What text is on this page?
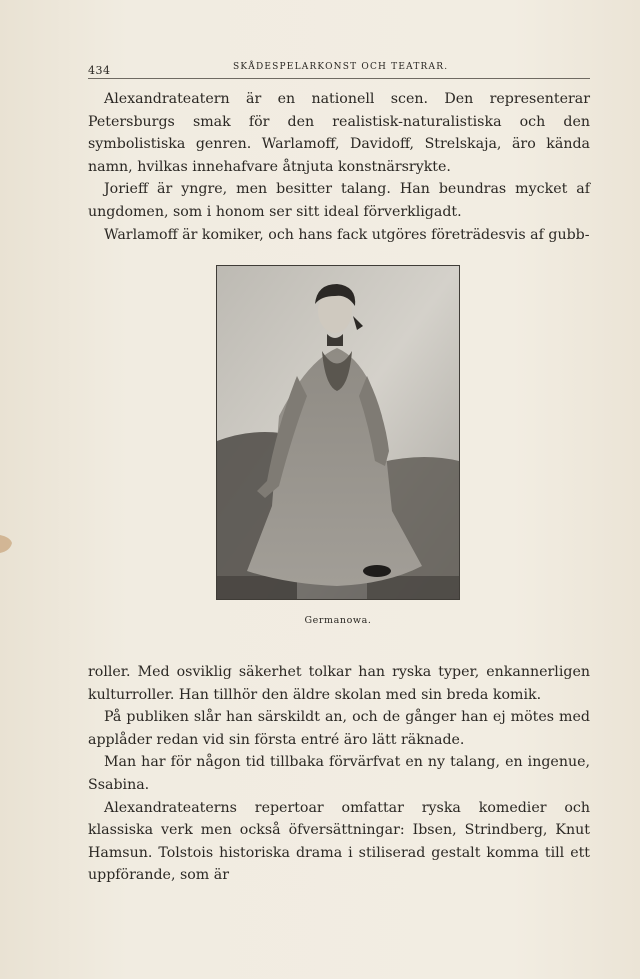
434	SKÅDESPELARKONST OCH TEATRAR.

Alexandrateatern är en nationell scen. Den representerar Petersburgs smak för den realistisk-naturalistiska och den symbolistiska genren. Warlamoff, Davidoff, Strelskaja, äro kända namn, hvilkas innehafvare åtnjuta konstnärsrykte.

Jorieff är yngre, men besitter talang. Han beundras mycket af ungdomen, som i honom ser sitt ideal förverkligadt.

Warlamoff är komiker, och hans fack utgöres företrädesvis af gubb-

Germanowa.

roller. Med osviklig säkerhet tolkar han ryska typer, enkannerligen kulturroller. Han tillhör den äldre skolan med sin breda komik.

På publiken slår han särskildt an, och de gånger han ej mötes med applåder redan vid sin första entré äro lätt räknade.

Man har för någon tid tillbaka förvärfvat en ny talang, en ingenue, Ssabina.

Alexandrateaterns repertoar omfattar ryska komedier och klassiska verk men också öfversättningar: Ibsen, Strindberg, Knut Hamsun. Tolstois historiska drama i stiliserad gestalt komma till ett uppförande, som är
